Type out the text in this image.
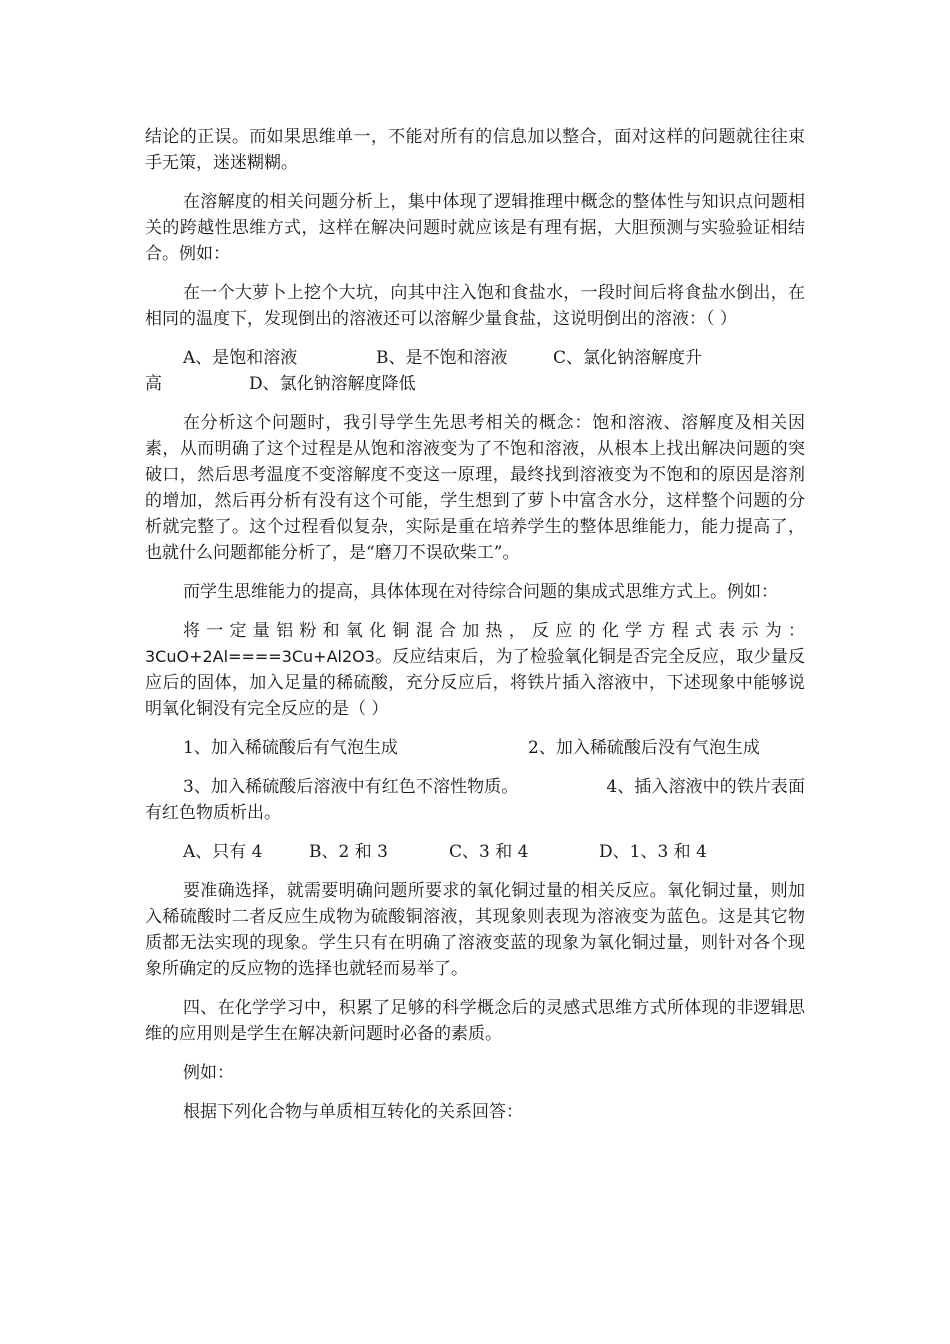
结论的正误。而如果思维单一，不能对所有的信息加以整合，面对这样的问题就往往束手无策，迷迷糊糊。

在溶解度的相关问题分析上，集中体现了逻辑推理中概念的整体性与知识点问题相关的跨越性思维方式，这样在解决问题时就应该是有理有据，大胆预测与实验验证相结合。例如：

在一个大萝卜上挖个大坑，向其中注入饱和食盐水，一段时间后将食盐水倒出，在相同的温度下，发现倒出的溶液还可以溶解少量食盐，这说明倒出的溶液：（ ）

A、是饱和溶液	B、是不饱和溶液	C、氯化钠溶解度升
高	D、氯化钠溶解度降低

在分析这个问题时，我引导学生先思考相关的概念：饱和溶液、溶解度及相关因素，从而明确了这个过程是从饱和溶液变为了不饱和溶液，从根本上找出解决问题的突破口，然后思考温度不变溶解度不变这一原理，最终找到溶液变为不饱和的原因是溶剂的增加，然后再分析有没有这个可能，学生想到了萝卜中富含水分，这样整个问题的分析就完整了。这个过程看似复杂，实际是重在培养学生的整体思维能力，能力提高了，也就什么问题都能分析了，是“磨刀不误砍柴工”。

而学生思维能力的提高，具体体现在对待综合问题的集成式思维方式上。例如：

将一定量铝粉和氧化铜混合加热，反应的化学方程式表示为：3CuO+2Al====3Cu+Al2O3。反应结束后，为了检验氧化铜是否完全反应，取少量反应后的固体，加入足量的稀硫酸，充分反应后，将铁片插入溶液中，下述现象中能够说明氧化铜没有完全反应的是（ ）

1、加入稀硫酸后有气泡生成	2、加入稀硫酸后没有气泡生成

3、加入稀硫酸后溶液中有红色不溶性物质。	4、插入溶液中的铁片表面有红色物质析出。

A、只有 4	B、2 和 3	C、3 和 4	D、1、3 和 4

要准确选择，就需要明确问题所要求的氧化铜过量的相关反应。氧化铜过量，则加入稀硫酸时二者反应生成物为硫酸铜溶液，其现象则表现为溶液变为蓝色。这是其它物质都无法实现的现象。学生只有在明确了溶液变蓝的现象为氧化铜过量，则针对各个现象所确定的反应物的选择也就轻而易举了。

四、在化学学习中，积累了足够的科学概念后的灵感式思维方式所体现的非逻辑思维的应用则是学生在解决新问题时必备的素质。

例如：

根据下列化合物与单质相互转化的关系回答：
